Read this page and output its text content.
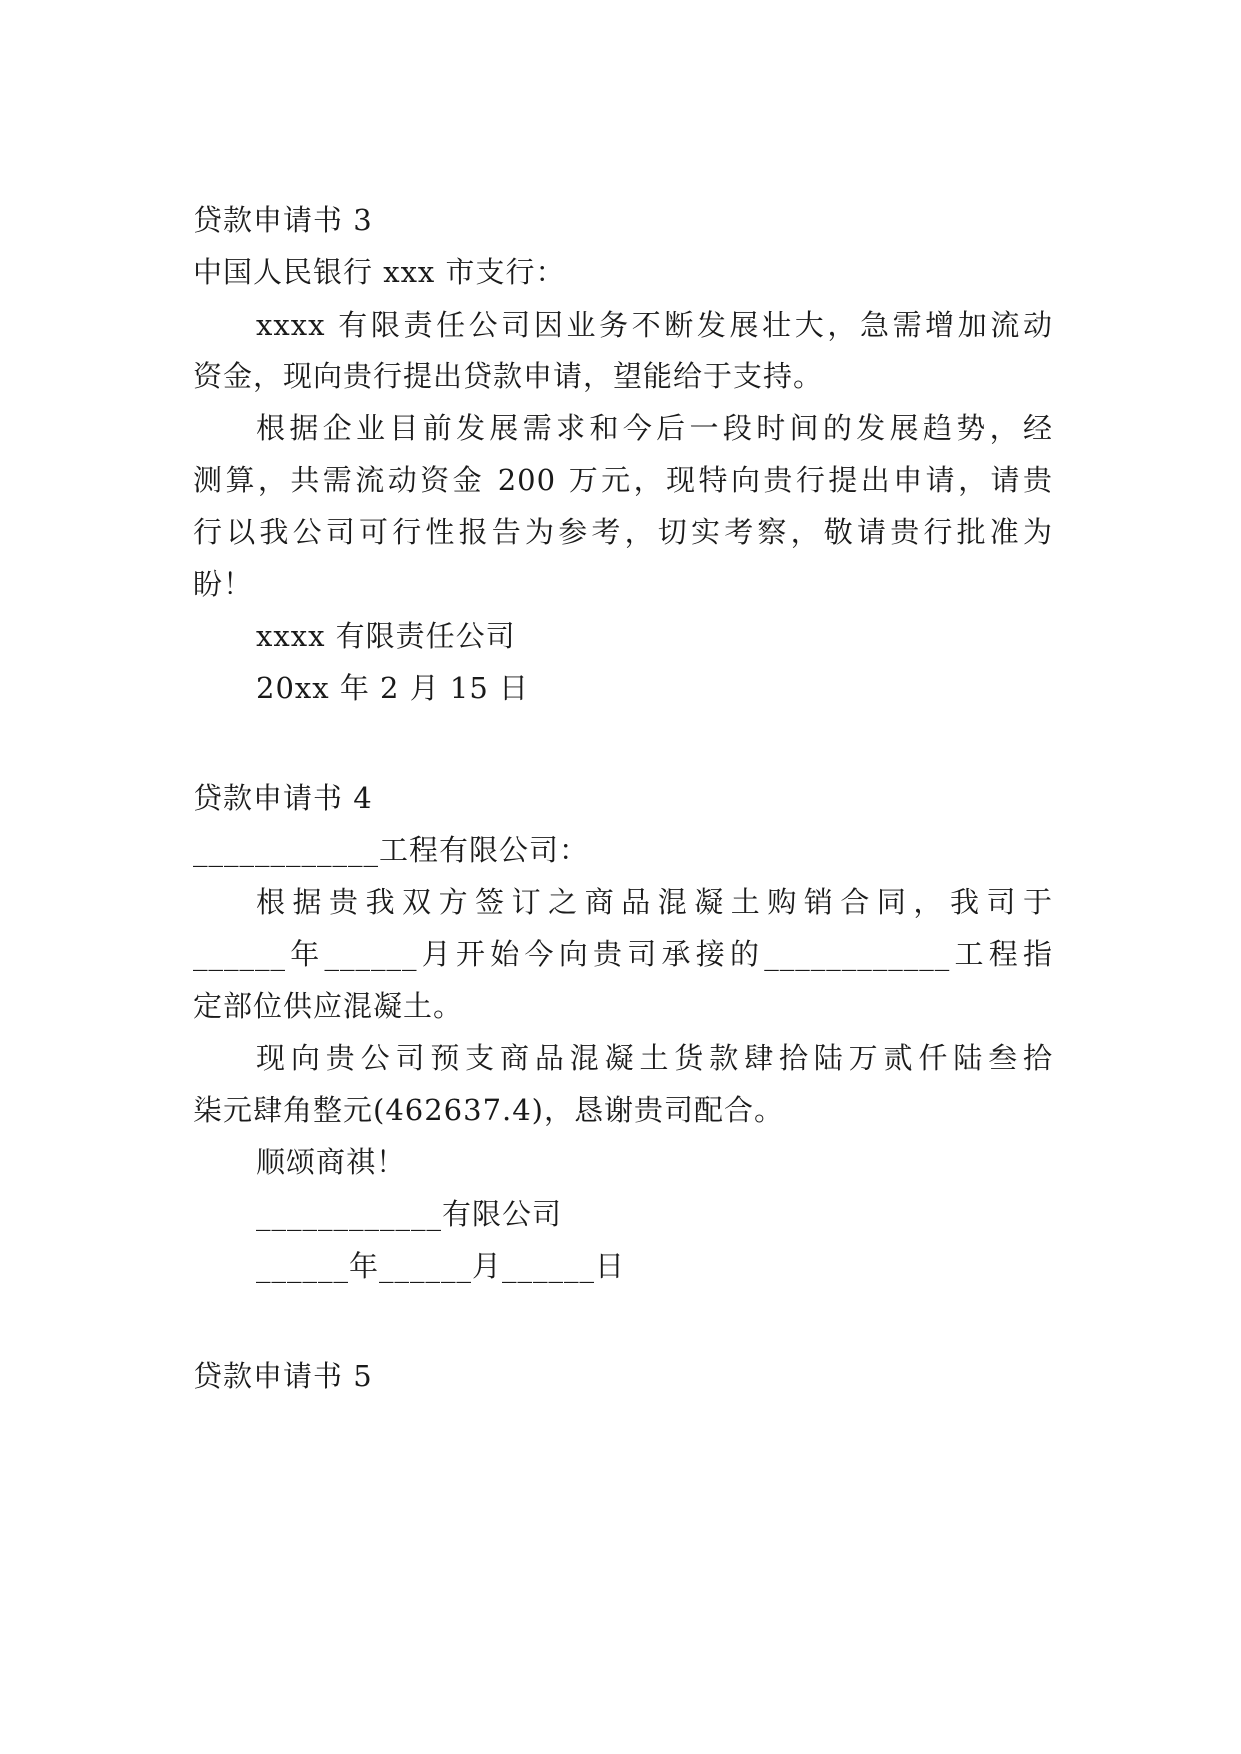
贷款申请书 3
中国人民银行 xxx 市支行：
xxxx 有限责任公司因业务不断发展壮大，急需增加流动
资金，现向贵行提出贷款申请，望能给于支持。
根据企业目前发展需求和今后一段时间的发展趋势，经
测算，共需流动资金 200 万元，现特向贵行提出申请，请贵
行以我公司可行性报告为参考，切实考察，敬请贵行批准为
盼！
xxxx 有限责任公司
20xx 年 2 月 15 日
贷款申请书 4
____________工程有限公司：
根据贵我双方签订之商品混凝土购销合同，我司于
______年______月开始今向贵司承接的____________工程指
定部位供应混凝土。
现向贵公司预支商品混凝土货款肆拾陆万贰仟陆叁拾
柒元肆角整元(462637.4)，恳谢贵司配合。
顺颂商祺！
____________有限公司
______年______月______日
贷款申请书 5
